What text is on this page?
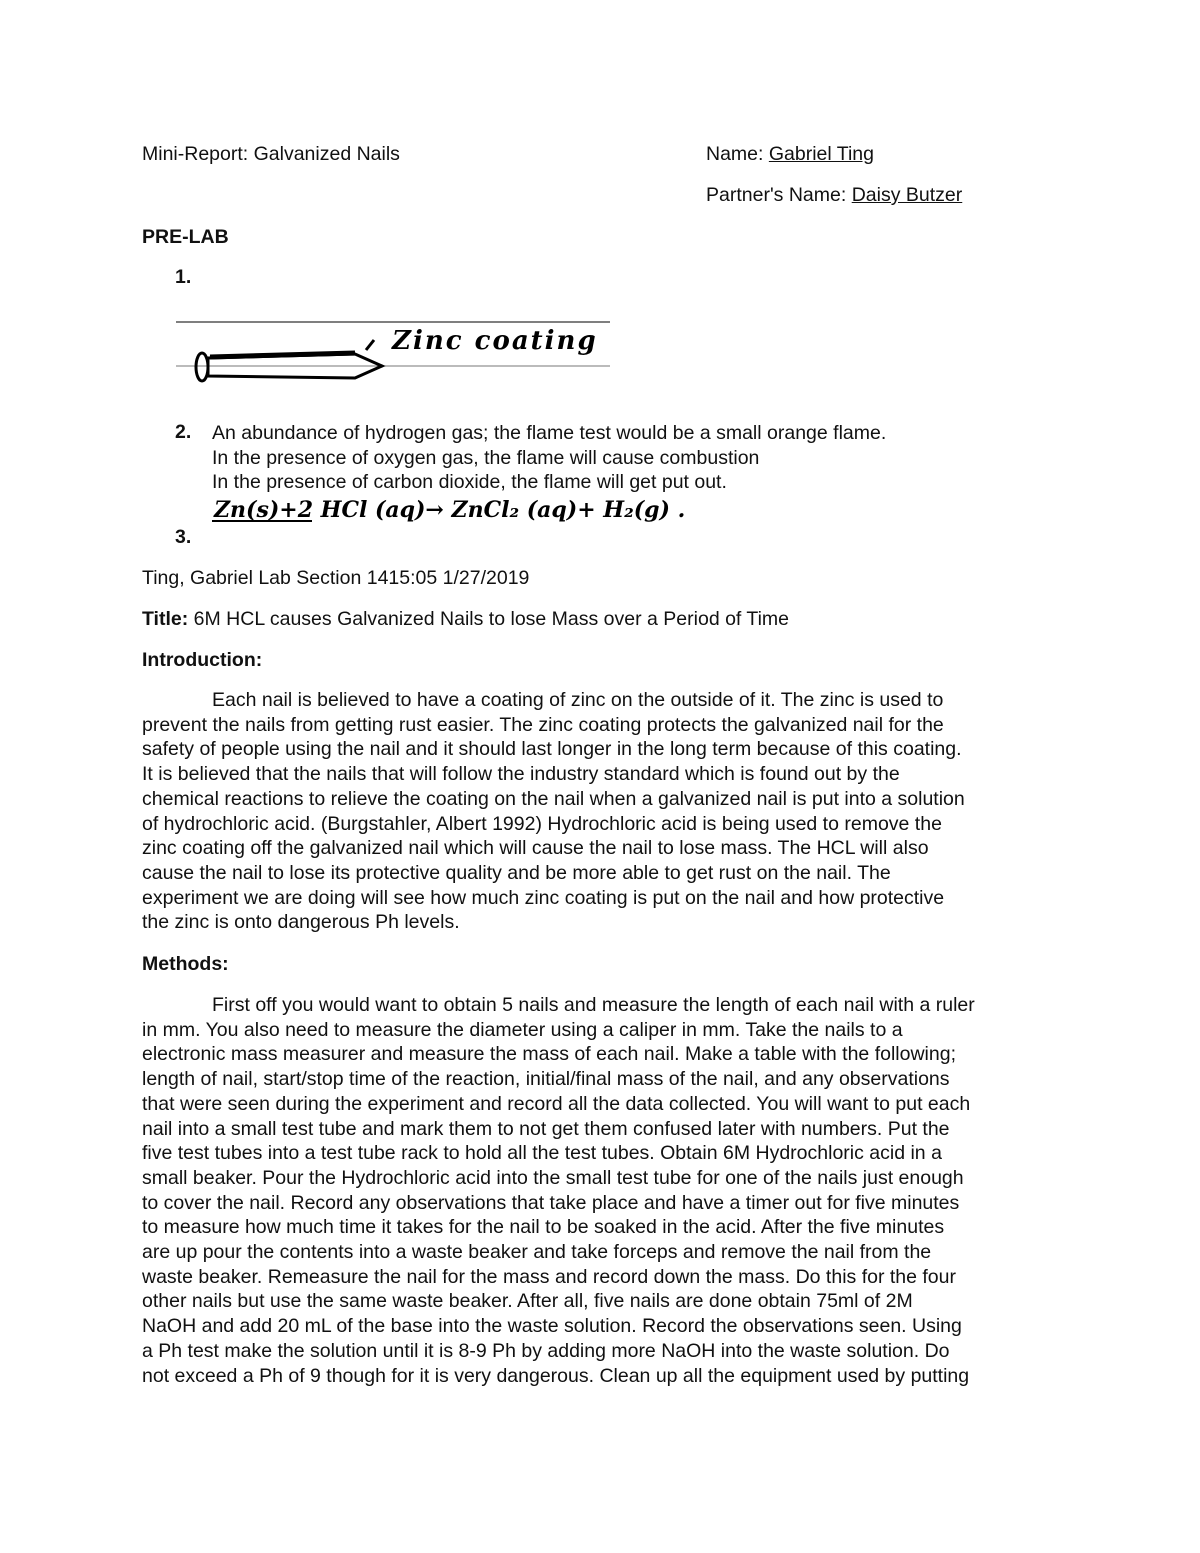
Mini-Report: Galvanized Nails	Name: Gabriel Ting
Partner's Name: Daisy Butzer
PRE-LAB
1.
Zinc coating
2. An abundance of hydrogen gas; the flame test would be a small orange flame.
In the presence of oxygen gas, the flame will cause combustion
In the presence of carbon dioxide, the flame will get put out.
Zn(s)+2 HCl (aq)→ ZnCl₂ (aq)+ H₂(g) .
3.
Ting, Gabriel Lab Section 1415:05 1/27/2019
Title: 6M HCL causes Galvanized Nails to lose Mass over a Period of Time
Introduction:

Each nail is believed to have a coating of zinc on the outside of it. The zinc is used to

prevent the nails from getting rust easier. The zinc coating protects the galvanized nail for the

safety of people using the nail and it should last longer in the long term because of this coating.

It is believed that the nails that will follow the industry standard which is found out by the

chemical reactions to relieve the coating on the nail when a galvanized nail is put into a solution

of hydrochloric acid. (Burgstahler, Albert 1992) Hydrochloric acid is being used to remove the

zinc coating off the galvanized nail which will cause the nail to lose mass. The HCL will also

cause the nail to lose its protective quality and be more able to get rust on the nail. The

experiment we are doing will see how much zinc coating is put on the nail and how protective

the zinc is onto dangerous Ph levels.

Methods:

First off you would want to obtain 5 nails and measure the length of each nail with a ruler

in mm. You also need to measure the diameter using a caliper in mm. Take the nails to a

electronic mass measurer and measure the mass of each nail. Make a table with the following;

length of nail, start/stop time of the reaction, initial/final mass of the nail, and any observations

that were seen during the experiment and record all the data collected. You will want to put each

nail into a small test tube and mark them to not get them confused later with numbers. Put the

five test tubes into a test tube rack to hold all the test tubes. Obtain 6M Hydrochloric acid in a

small beaker. Pour the Hydrochloric acid into the small test tube for one of the nails just enough

to cover the nail. Record any observations that take place and have a timer out for five minutes

to measure how much time it takes for the nail to be soaked in the acid. After the five minutes

are up pour the contents into a waste beaker and take forceps and remove the nail from the

waste beaker. Remeasure the nail for the mass and record down the mass. Do this for the four

other nails but use the same waste beaker. After all, five nails are done obtain 75ml of 2M

NaOH and add 20 mL of the base into the waste solution. Record the observations seen. Using

a Ph test make the solution until it is 8-9 Ph by adding more NaOH into the waste solution. Do

not exceed a Ph of 9 though for it is very dangerous. Clean up all the equipment used by putting
